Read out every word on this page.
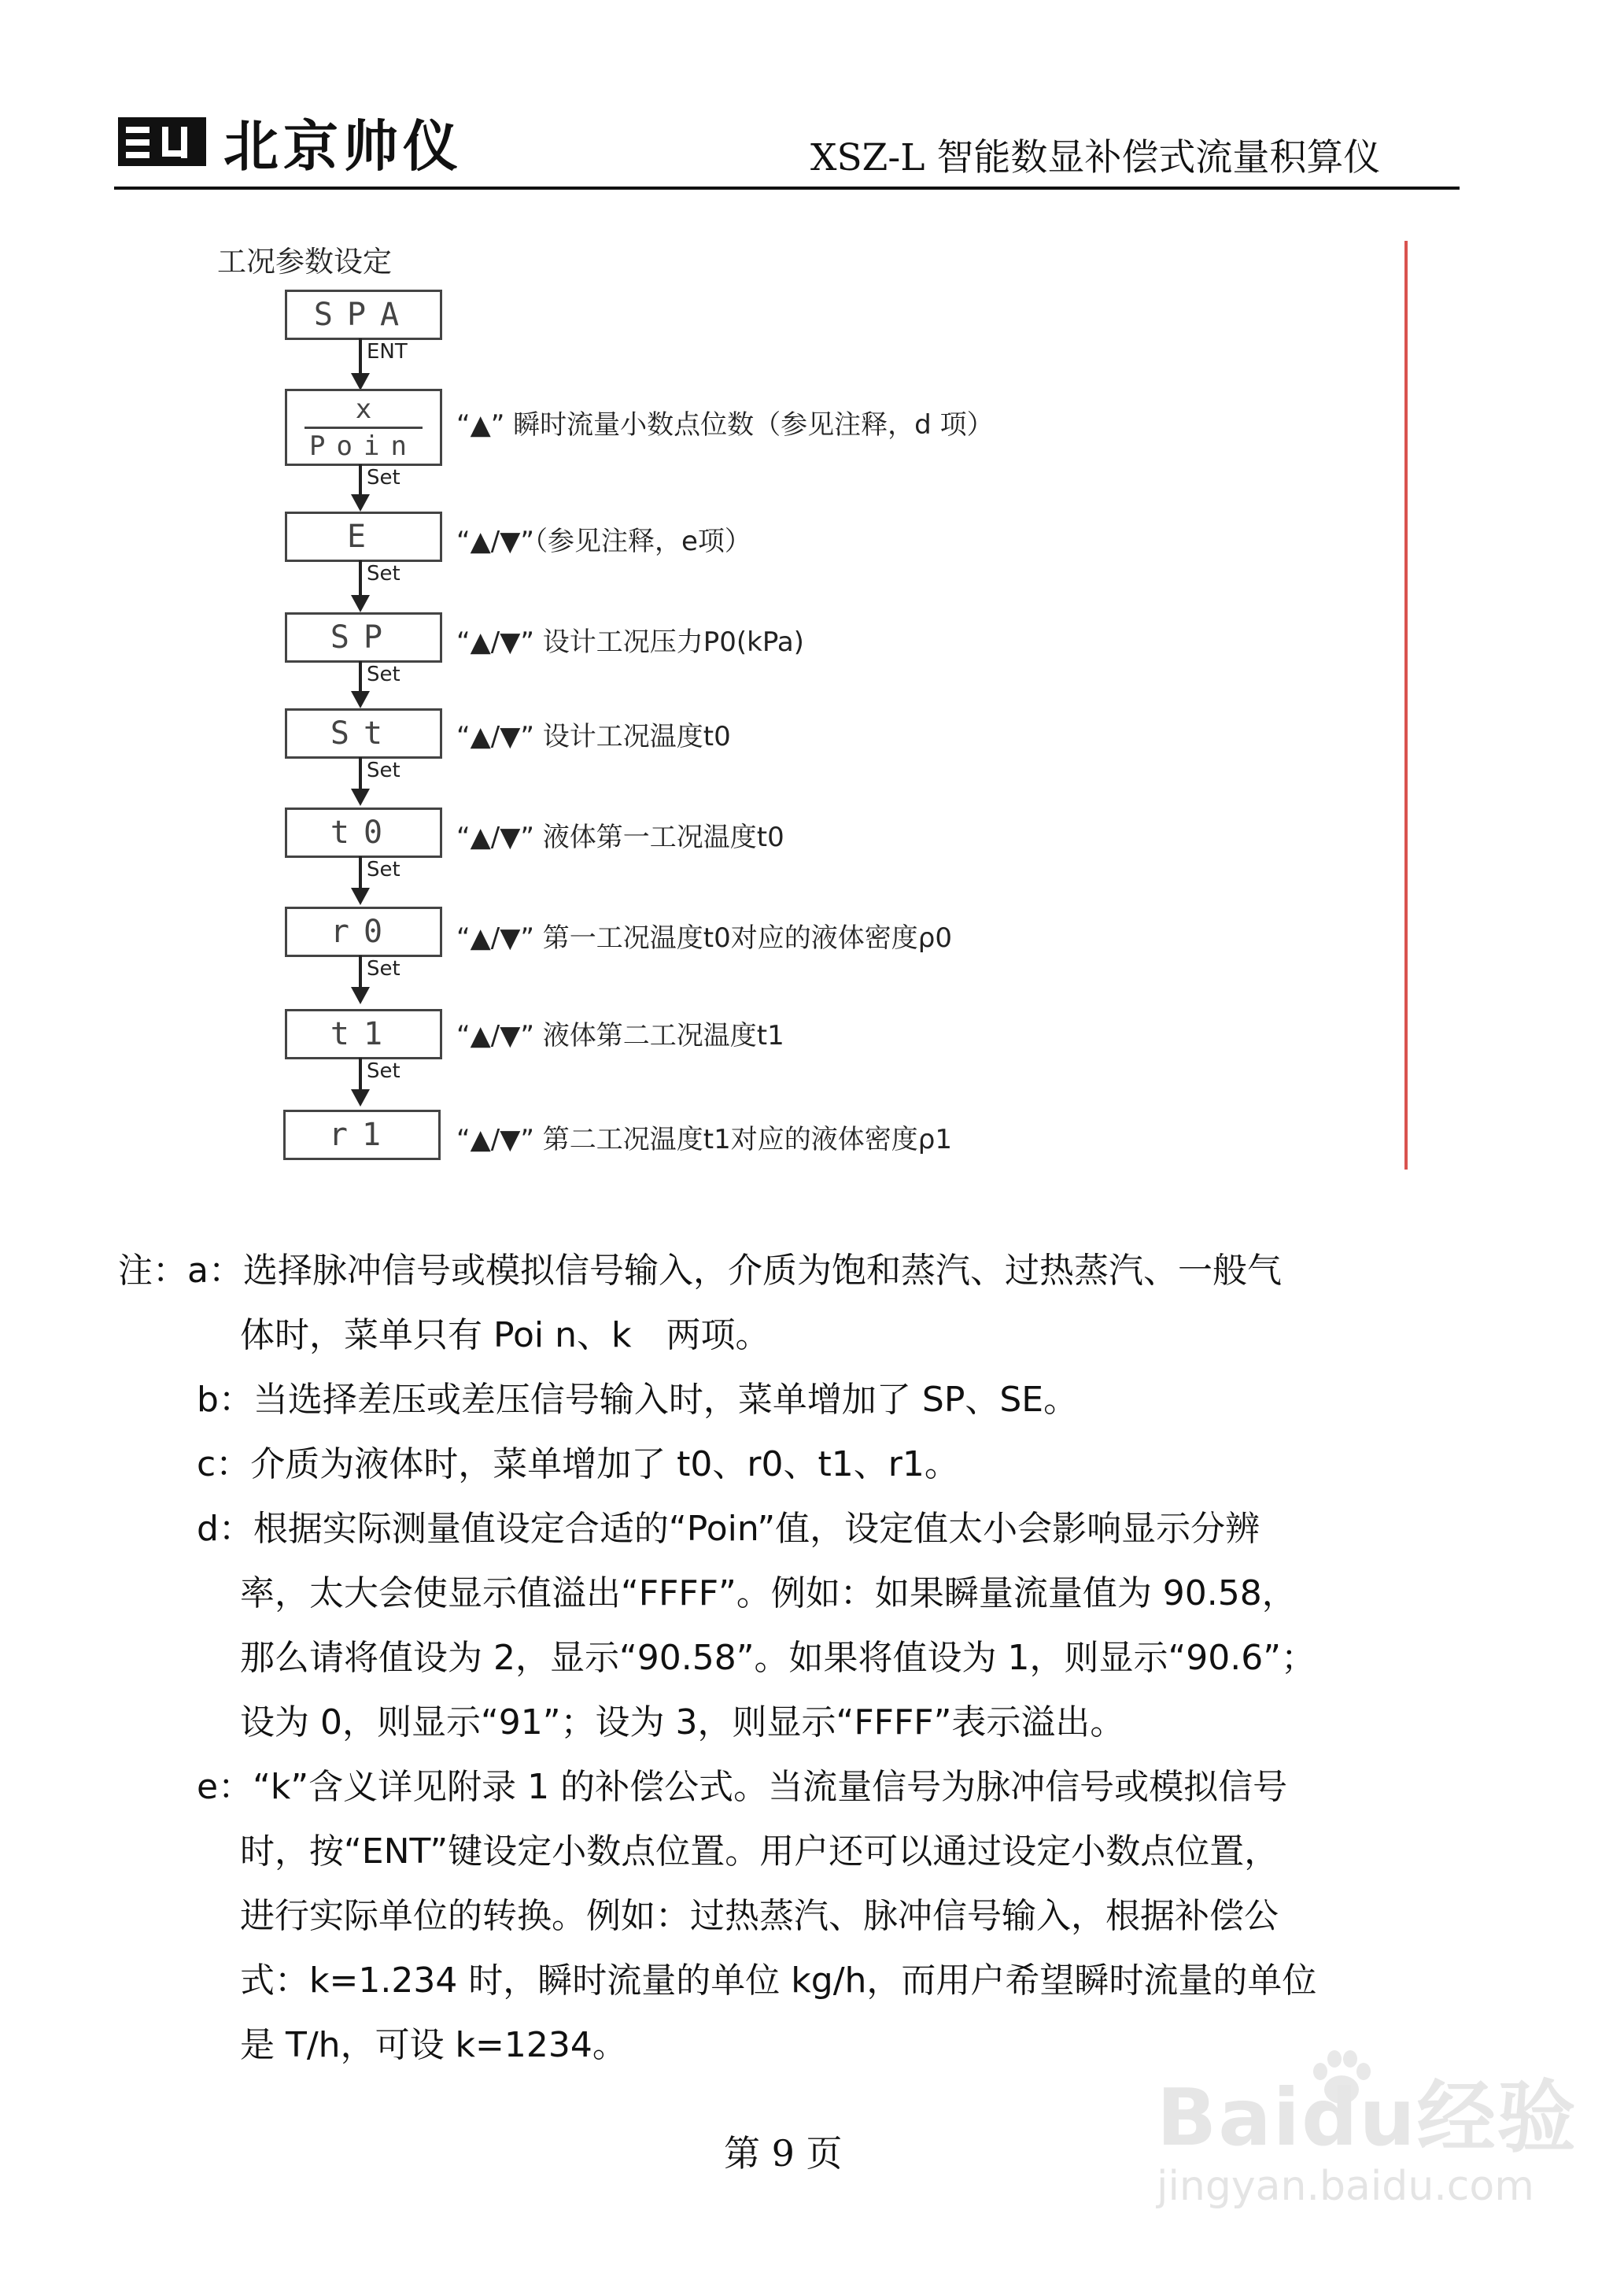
北京帅仪	XSZ-L 智能数显补偿式流量积算仪
工况参数设定
SPA
ENT
x
Poin
“▲” 瞬时流量小数点位数（参见注释，d 项）
Set
E	“▲/▼”（参见注释，e项）
Set
SP “▲/▼” 设计工况压力P0(kPa)
Set
St “▲/▼” 设计工况温度t0
Set
t0 “▲/▼” 液体第一工况温度t0
Set
r0 “▲/▼” 第一工况温度t0对应的液体密度ρ0
Set
t1 “▲/▼” 液体第二工况温度t1
Set
r1 “▲/▼” 第二工况温度t1对应的液体密度ρ1
注：a：选择脉冲信号或模拟信号输入，介质为饱和蒸汽、过热蒸汽、一般气
体时，菜单只有 Poi n、k　两项。
b：当选择差压或差压信号输入时，菜单增加了 SP、SE。
c：介质为液体时，菜单增加了 t0、r0、t1、r1。
d：根据实际测量值设定合适的“Poin”值，设定值太小会影响显示分辨
率，太大会使显示值溢出“FFFF”。例如：如果瞬量流量值为 90.58，
那么请将值设为 2，显示“90.58”。如果将值设为 1，则显示“90.6”；
设为 0，则显示“91”；设为 3，则显示“FFFF”表示溢出。
e：“k”含义详见附录 1 的补偿公式。当流量信号为脉冲信号或模拟信号
时，按“ENT”键设定小数点位置。用户还可以通过设定小数点位置，
进行实际单位的转换。例如：过热蒸汽、脉冲信号输入，根据补偿公
式：k=1.234 时，瞬时流量的单位 kg/h，而用户希望瞬时流量的单位
是 T/h，可设 k=1234。
第 9 页	Baidu经验
jingyan.baidu.com
